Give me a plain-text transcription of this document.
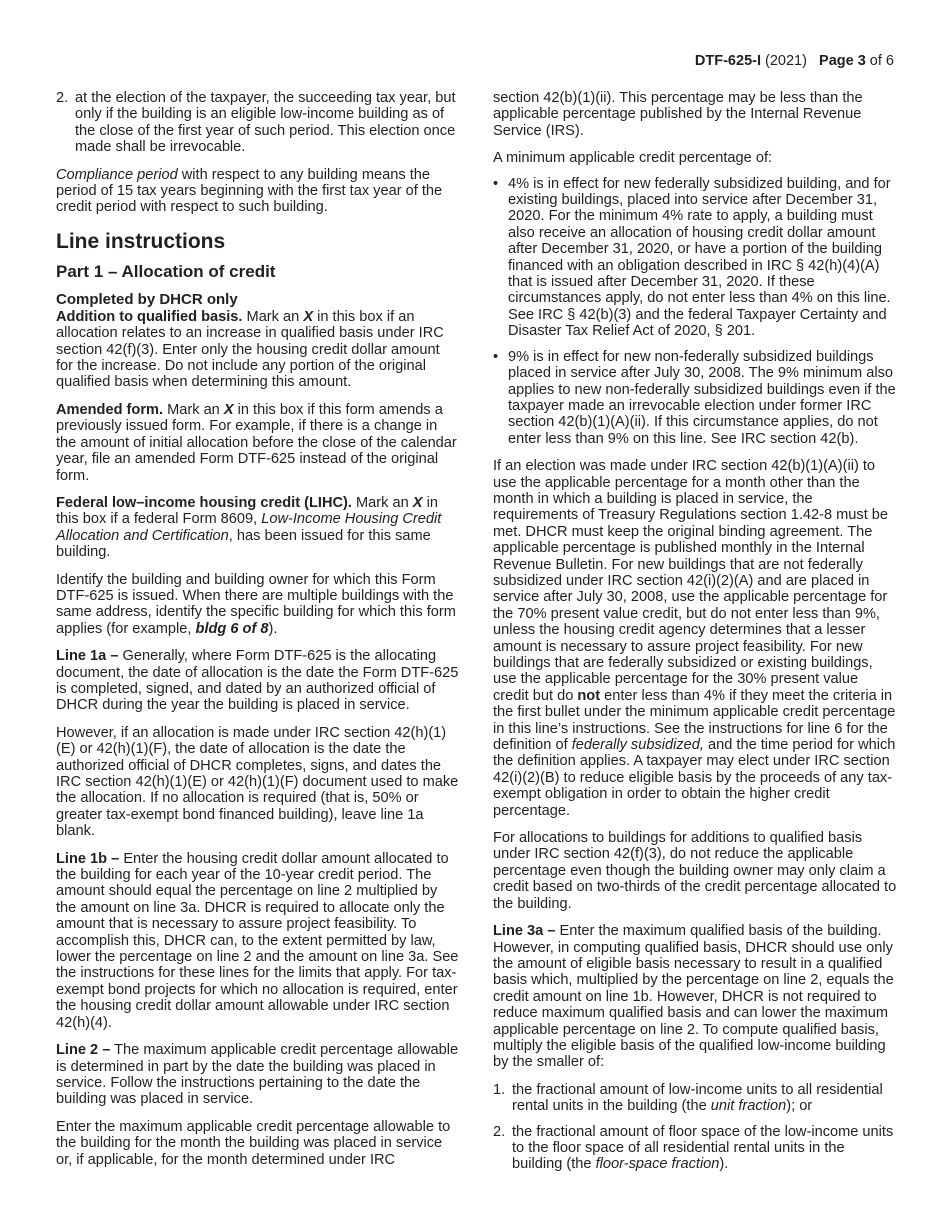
DTF-625-I (2021)   Page 3 of 6
2. at the election of the taxpayer, the succeeding tax year, but only if the building is an eligible low-income building as of the close of the first year of such period. This election once made shall be irrevocable.

Compliance period with respect to any building means the period of 15 tax years beginning with the first tax year of the credit period with respect to such building.

Line instructions
Part 1 – Allocation of credit
Completed by DHCR only

Addition to qualified basis. Mark an X in this box if an allocation relates to an increase in qualified basis under IRC section 42(f)(3). Enter only the housing credit dollar amount for the increase. Do not include any portion of the original qualified basis when determining this amount.

Amended form. Mark an X in this box if this form amends a previously issued form. For example, if there is a change in the amount of initial allocation before the close of the calendar year, file an amended Form DTF-625 instead of the original form.

Federal low–income housing credit (LIHC). Mark an X in this box if a federal Form 8609, Low-Income Housing Credit Allocation and Certification, has been issued for this same building.

Identify the building and building owner for which this Form DTF-625 is issued. When there are multiple buildings with the same address, identify the specific building for which this form applies (for example, bldg 6 of 8).

Line 1a – Generally, where Form DTF-625 is the allocating document, the date of allocation is the date the Form DTF-625 is completed, signed, and dated by an authorized official of DHCR during the year the building is placed in service.

However, if an allocation is made under IRC section 42(h)(1)(E) or 42(h)(1)(F), the date of allocation is the date the authorized official of DHCR completes, signs, and dates the IRC section 42(h)(1)(E) or 42(h)(1)(F) document used to make the allocation. If no allocation is required (that is, 50% or greater tax-exempt bond financed building), leave line 1a blank.

Line 1b – Enter the housing credit dollar amount allocated to the building for each year of the 10-year credit period. The amount should equal the percentage on line 2 multiplied by the amount on line 3a. DHCR is required to allocate only the amount that is necessary to assure project feasibility. To accomplish this, DHCR can, to the extent permitted by law, lower the percentage on line 2 and the amount on line 3a. See the instructions for these lines for the limits that apply. For tax-exempt bond projects for which no allocation is required, enter the housing credit dollar amount allowable under IRC section 42(h)(4).

Line 2 – The maximum applicable credit percentage allowable is determined in part by the date the building was placed in service. Follow the instructions pertaining to the date the building was placed in service.

Enter the maximum applicable credit percentage allowable to the building for the month the building was placed in service or, if applicable, for the month determined under IRC

section 42(b)(1)(ii). This percentage may be less than the applicable percentage published by the Internal Revenue Service (IRS).

A minimum applicable credit percentage of:

• 4% is in effect for new federally subsidized building, and for existing buildings, placed into service after December 31, 2020. For the minimum 4% rate to apply, a building must also receive an allocation of housing credit dollar amount after December 31, 2020, or have a portion of the building financed with an obligation described in IRC § 42(h)(4)(A) that is issued after December 31, 2020. If these circumstances apply, do not enter less than 4% on this line. See IRC § 42(b)(3) and the federal Taxpayer Certainty and Disaster Tax Relief Act of 2020, § 201.
• 9% is in effect for new non-federally subsidized buildings placed in service after July 30, 2008. The 9% minimum also applies to new non-federally subsidized buildings even if the taxpayer made an irrevocable election under former IRC section 42(b)(1)(A)(ii). If this circumstance applies, do not enter less than 9% on this line. See IRC section 42(b).

If an election was made under IRC section 42(b)(1)(A)(ii) to use the applicable percentage for a month other than the month in which a building is placed in service, the requirements of Treasury Regulations section 1.42-8 must be met. DHCR must keep the original binding agreement. The applicable percentage is published monthly in the Internal Revenue Bulletin. For new buildings that are not federally subsidized under IRC section 42(i)(2)(A) and are placed in service after July 30, 2008, use the applicable percentage for the 70% present value credit, but do not enter less than 9%, unless the housing credit agency determines that a lesser amount is necessary to assure project feasibility. For new buildings that are federally subsidized or existing buildings, use the applicable percentage for the 30% present value credit but do not enter less than 4% if they meet the criteria in the first bullet under the minimum applicable credit percentage in this line’s instructions. See the instructions for line 6 for the definition of federally subsidized, and the time period for which the definition applies. A taxpayer may elect under IRC section 42(i)(2)(B) to reduce eligible basis by the proceeds of any tax-exempt obligation in order to obtain the higher credit percentage.

For allocations to buildings for additions to qualified basis under IRC section 42(f)(3), do not reduce the applicable percentage even though the building owner may only claim a credit based on two-thirds of the credit percentage allocated to the building.

Line 3a – Enter the maximum qualified basis of the building. However, in computing qualified basis, DHCR should use only the amount of eligible basis necessary to result in a qualified basis which, multiplied by the percentage on line 2, equals the credit amount on line 1b. However, DHCR is not required to reduce maximum qualified basis and can lower the maximum applicable percentage on line 2. To compute qualified basis, multiply the eligible basis of the qualified low-income building by the smaller of:

1. the fractional amount of low-income units to all residential rental units in the building (the unit fraction); or
2. the fractional amount of floor space of the low-income units to the floor space of all residential rental units in the building (the floor-space fraction).
